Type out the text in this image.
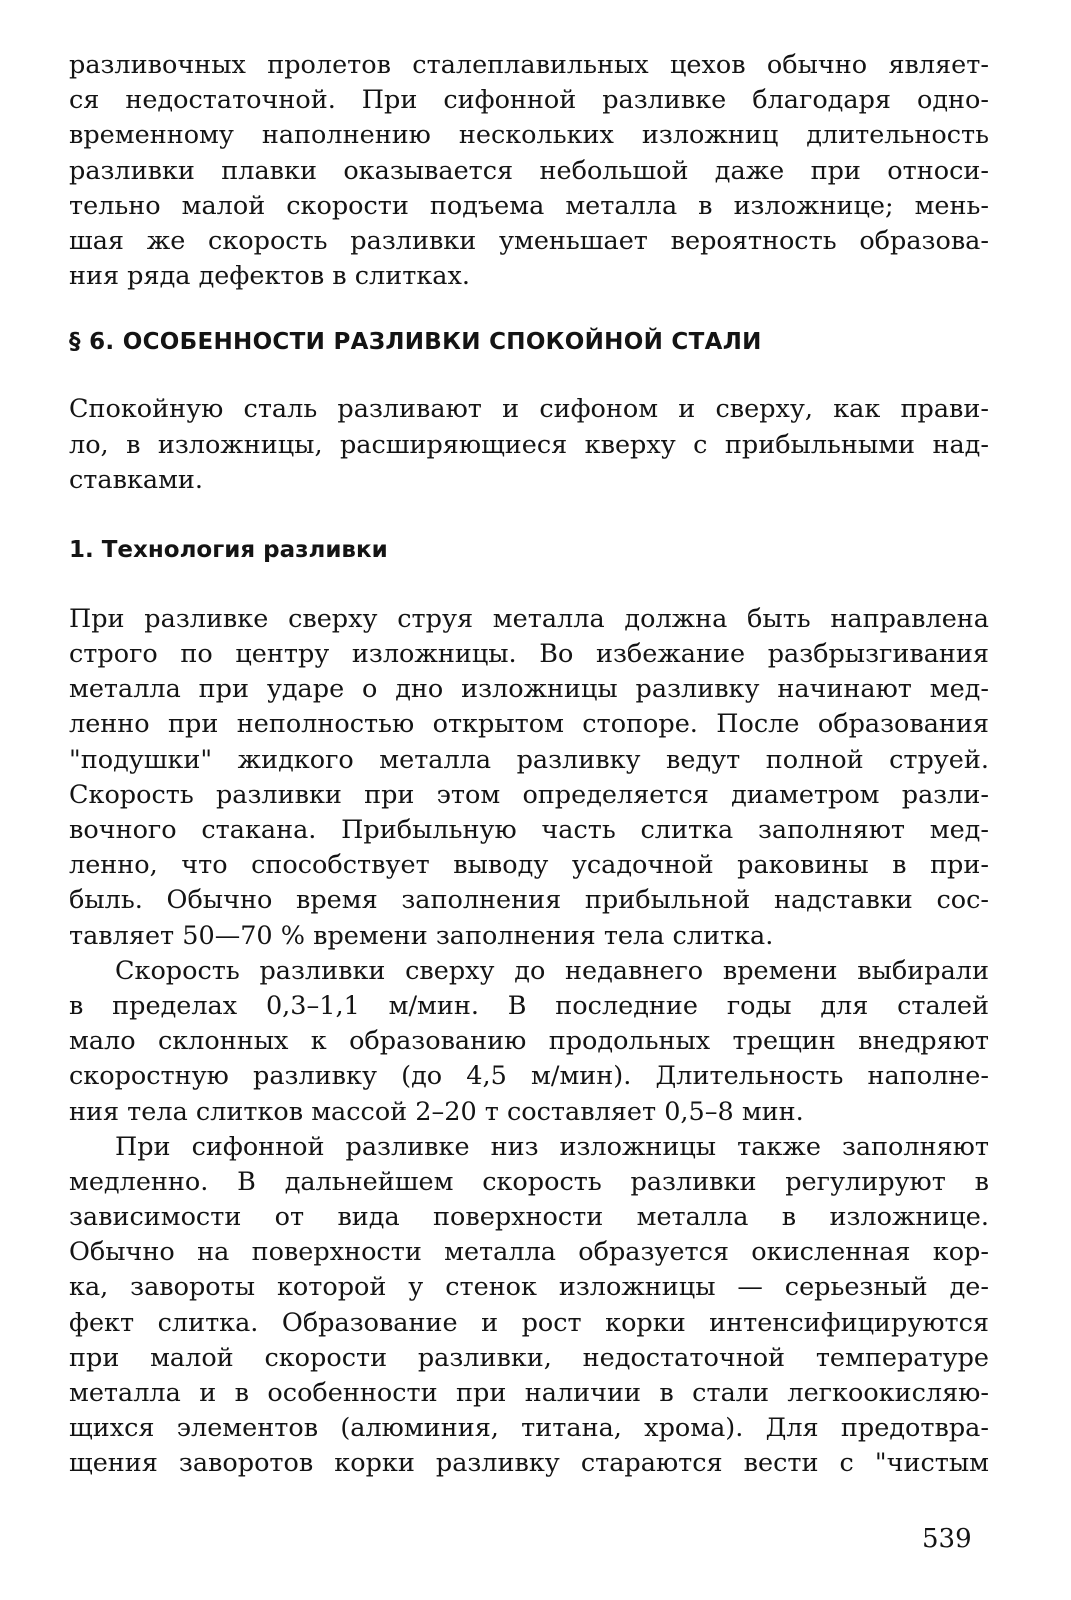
разливочных пролетов сталеплавильных цехов обычно являет-
ся недостаточной. При сифонной разливке благодаря одно-
временному наполнению нескольких изложниц длительность
разливки плавки оказывается небольшой даже при относи-
тельно малой скорости подъема металла в изложнице; мень-
шая же скорость разливки уменьшает вероятность образова-
ния ряда дефектов в слитках.
§ 6. ОСОБЕННОСТИ РАЗЛИВКИ СПОКОЙНОЙ СТАЛИ
Спокойную сталь разливают и сифоном и сверху, как прави-
ло, в изложницы, расширяющиеся кверху с прибыльными над-
ставками.
1. Технология разливки
При разливке сверху струя металла должна быть направлена
строго по центру изложницы. Во избежание разбрызгивания
металла при ударе о дно изложницы разливку начинают мед-
ленно при неполностью открытом стопоре. После образования
"подушки" жидкого металла разливку ведут полной струей.
Скорость разливки при этом определяется диаметром разли-
вочного стакана. Прибыльную часть слитка заполняют мед-
ленно, что способствует выводу усадочной раковины в при-
быль. Обычно время заполнения прибыльной надставки сос-
тавляет 50—70 % времени заполнения тела слитка.
Скорость разливки сверху до недавнего времени выбирали
в пределах 0,3–1,1 м/мин. В последние годы для сталей
мало склонных к образованию продольных трещин внедряют
скоростную разливку (до 4,5 м/мин). Длительность наполне-
ния тела слитков массой 2–20 т составляет 0,5–8 мин.
При сифонной разливке низ изложницы также заполняют
медленно. В дальнейшем скорость разливки регулируют в
зависимости от вида поверхности металла в изложнице.
Обычно на поверхности металла образуется окисленная кор-
ка, завороты которой у стенок изложницы — серьезный де-
фект слитка. Образование и рост корки интенсифицируются
при малой скорости разливки, недостаточной температуре
металла и в особенности при наличии в стали легкоокисляю-
щихся элементов (алюминия, титана, хрома). Для предотвра-
щения заворотов корки разливку стараются вести с "чистым
539
